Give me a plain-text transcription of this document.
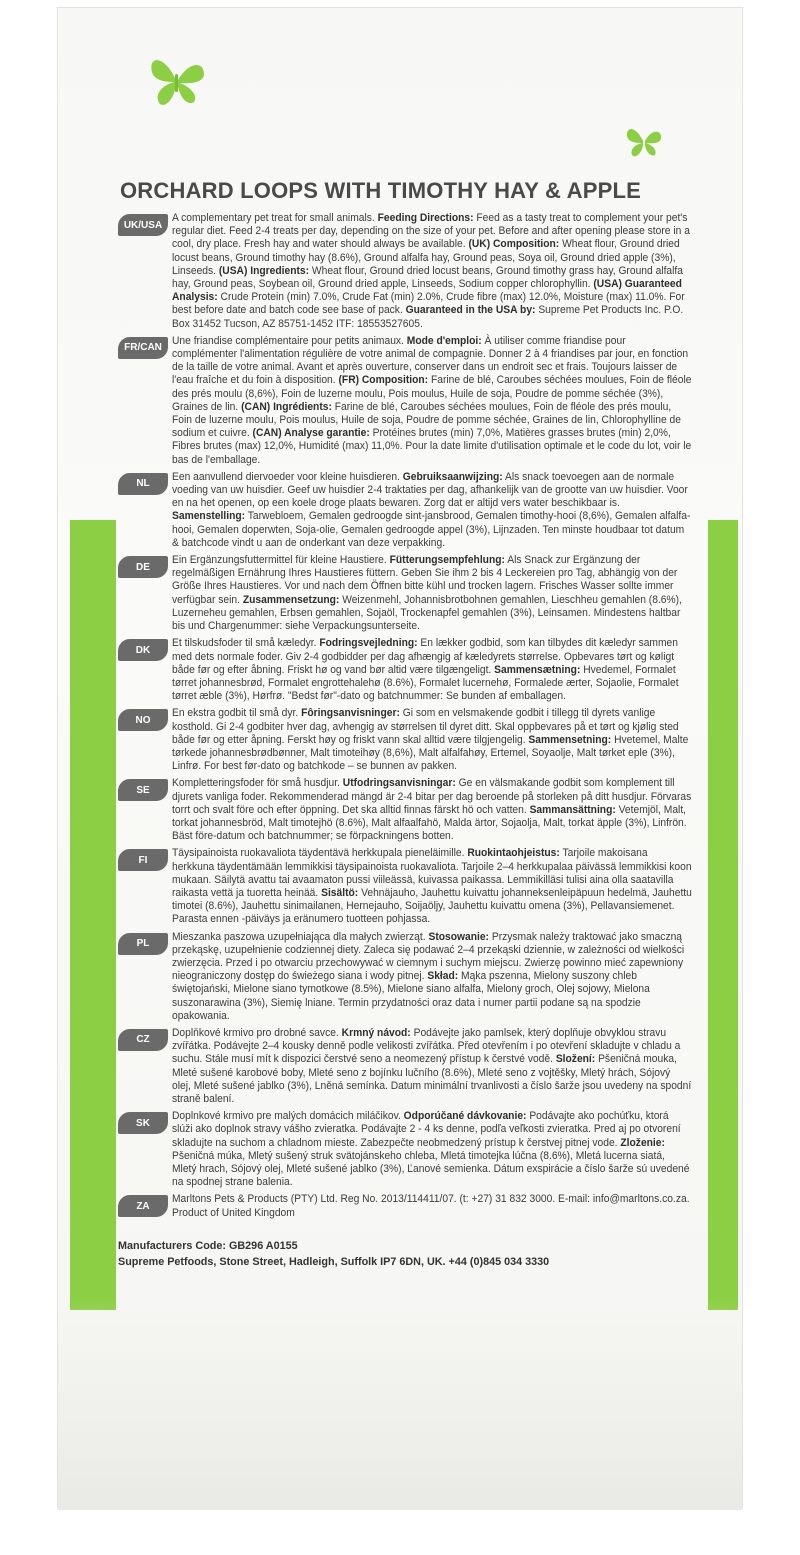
ORCHARD LOOPS WITH TIMOTHY HAY & APPLE
UK/USA

A complementary pet treat for small animals. Feeding Directions: Feed as a tasty treat to complement your pet's regular diet. Feed 2-4 treats per day, depending on the size of your pet. Before and after opening please store in a cool, dry place. Fresh hay and water should always be available. (UK) Composition: Wheat flour, Ground dried locust beans, Ground timothy hay (8.6%), Ground alfalfa hay, Ground peas, Soya oil, Ground dried apple (3%), Linseeds. (USA) Ingredients: Wheat flour, Ground dried locust beans, Ground timothy grass hay, Ground alfalfa hay, Ground peas, Soybean oil, Ground dried apple, Linseeds, Sodium copper chlorophyllin. (USA) Guaranteed Analysis: Crude Protein (min) 7.0%, Crude Fat (min) 2.0%, Crude fibre (max) 12.0%, Moisture (max) 11.0%. For best before date and batch code see base of pack. Guaranteed in the USA by: Supreme Pet Products Inc. P.O. Box 31452 Tucson, AZ 85751-1452 ITF: 18553527605.

FR/CAN

Une friandise complémentaire pour petits animaux. Mode d'emploi: À utiliser comme friandise pour complémenter l'alimentation régulière de votre animal de compagnie. Donner 2 à 4 friandises par jour, en fonction de la taille de votre animal. Avant et après ouverture, conserver dans un endroit sec et frais. Toujours laisser de l'eau fraîche et du foin à disposition. (FR) Composition: Farine de blé, Caroubes séchées moulues, Foin de fléole des prés moulu (8,6%), Foin de luzerne moulu, Pois moulus, Huile de soja, Poudre de pomme séchée (3%), Graines de lin. (CAN) Ingrédients: Farine de blé, Caroubes séchées moulues, Foin de fléole des prés moulu, Foin de luzerne moulu, Pois moulus, Huile de soja, Poudre de pomme séchée, Graines de lin, Chlorophylline de sodium et cuivre. (CAN) Analyse garantie: Protéines brutes (min) 7,0%, Matières grasses brutes (min) 2,0%, Fibres brutes (max) 12,0%, Humidité (max) 11,0%. Pour la date limite d'utilisation optimale et le code du lot, voir le bas de l'emballage.

NL

Een aanvullend diervoeder voor kleine huisdieren. Gebruiksaanwijzing: Als snack toevoegen aan de normale voeding van uw huisdier. Geef uw huisdier 2-4 traktaties per dag, afhankelijk van de grootte van uw huisdier. Voor en na het openen, op een koele droge plaats bewaren. Zorg dat er altijd vers water beschikbaar is. Samenstelling: Tarwebloem, Gemalen gedroogde sint-jansbrood, Gemalen timothy-hooi (8,6%), Gemalen alfalfa-hooi, Gemalen doperwten, Soja-olie, Gemalen gedroogde appel (3%), Lijnzaden. Ten minste houdbaar tot datum & batchcode vindt u aan de onderkant van deze verpakking.

DE

Ein Ergänzungsfuttermittel für kleine Haustiere. Fütterungsempfehlung: Als Snack zur Ergänzung der regelmäßigen Ernährung Ihres Haustieres füttern. Geben Sie ihm 2 bis 4 Leckereien pro Tag, abhängig von der Größe Ihres Haustieres. Vor und nach dem Öffnen bitte kühl und trocken lagern. Frisches Wasser sollte immer verfügbar sein. Zusammensetzung: Weizenmehl, Johannisbrotbohnen gemahlen, Lieschheu gemahlen (8.6%), Luzerneheu gemahlen, Erbsen gemahlen, Sojaöl, Trockenapfel gemahlen (3%), Leinsamen. Mindestens haltbar bis und Chargenummer: siehe Verpackungsunterseite.

DK

Et tilskudsfoder til små kæledyr. Fodringsvejledning: En lækker godbid, som kan tilbydes dit kæledyr sammen med dets normale foder. Giv 2-4 godbidder per dag afhængig af kæledyrets størrelse. Opbevares tørt og køligt både før og efter åbning. Friskt hø og vand bør altid være tilgængeligt. Sammensætning: Hvedemel, Formalet tørret johannesbrød, Formalet engrottehalehø (8.6%), Formalet lucernehø, Formalede ærter, Sojaolie, Formalet tørret æble (3%), Hørfrø. "Bedst før"-dato og batchnummer: Se bunden af emballagen.

NO

En ekstra godbit til små dyr. Fôringsanvisninger: Gi som en velsmakende godbit i tillegg til dyrets vanlige kosthold. Gi 2-4 godbiter hver dag, avhengig av størrelsen til dyret ditt. Skal oppbevares på et tørt og kjølig sted både før og etter åpning. Ferskt høy og friskt vann skal alltid være tilgjengelig. Sammensetning: Hvetemel, Malte tørkede johannesbrødbønner, Malt timoteihøy (8,6%), Malt alfalfahøy, Ertemel, Soyaolje, Malt tørket eple (3%), Linfrø. For best før-dato og batchkode – se bunnen av pakken.

SE

Kompletteringsfoder för små husdjur. Utfodringsanvisningar: Ge en välsmakande godbit som komplement till djurets vanliga foder. Rekommenderad mängd är 2-4 bitar per dag beroende på storleken på ditt husdjur. Förvaras torrt och svalt före och efter öppning. Det ska alltid finnas färskt hö och vatten. Sammansättning: Vetemjöl, Malt, torkat johannesbröd, Malt timotejhö (8.6%), Malt alfaalfahö, Malda ärtor, Sojaolja, Malt, torkat äpple (3%), Linfrön. Bäst före-datum och batchnummer; se förpackningens botten.

FI

Täysipainoista ruokavaliota täydentävä herkkupala pieneläimille. Ruokintaohjeistus: Tarjoile makoisana herkkuna täydentämään lemmikkisi täysipainoista ruokavaliota. Tarjoile 2–4 herkkupalaa päivässä lemmikkisi koon mukaan. Säilytä avattu tai avaamaton pussi viileässä, kuivassa paikassa. Lemmikilläsi tulisi aina olla saatavilla raikasta vettä ja tuoretta heinää. Sisältö: Vehnäjauho, Jauhettu kuivattu johanneksenleipäpuun hedelmä, Jauhettu timotei (8.6%), Jauhettu sinimailanen, Hernejauho, Soijaöljy, Jauhettu kuivattu omena (3%), Pellavansiemenet. Parasta ennen -päiväys ja eränumero tuotteen pohjassa.

PL

Mieszanka paszowa uzupełniająca dla małych zwierząt. Stosowanie: Przysmak należy traktować jako smaczną przekąskę, uzupełnienie codziennej diety. Zaleca się podawać 2–4 przekąski dziennie, w zależności od wielkości zwierzęcia. Przed i po otwarciu przechowywać w ciemnym i suchym miejscu. Zwierzę powinno mieć zapewniony nieograniczony dostęp do świeżego siana i wody pitnej. Skład: Mąka pszenna, Mielony suszony chleb świętojański, Mielone siano tymotkowe (8.5%), Mielone siano alfalfa, Mielony groch, Olej sojowy, Mielona suszonarawina (3%), Siemię lniane. Termin przydatności oraz data i numer partii podane są na spodzie opakowania.

CZ

Doplňkové krmivo pro drobné savce. Krmný návod: Podávejte jako pamlsek, který doplňuje obvyklou stravu zvířátka. Podávejte 2–4 kousky denně podle velikosti zvířátka. Před otevřením i po otevření skladujte v chladu a suchu. Stále musí mít k dispozici čerstvé seno a neomezený přístup k čerstvé vodě. Složení: Pšeničná mouka, Mleté sušené karobové boby, Mleté seno z bojínku lučního (8.6%), Mleté seno z vojtěšky, Mletý hrách, Sójový olej, Mleté sušené jablko (3%), Lněná semínka. Datum minimální trvanlivosti a číslo šarže jsou uvedeny na spodní straně balení.

SK

Doplnkové krmivo pre malých domácich miláčikov. Odporúčané dávkovanie: Podávajte ako pochúťku, ktorá slúži ako doplnok stravy vášho zvieratka. Podávajte 2 - 4 ks denne, podľa veľkosti zvieratka. Pred aj po otvorení skladujte na suchom a chladnom mieste. Zabezpečte neobmedzený prístup k čerstvej pitnej vode. Zloženie: Pšeničná múka, Mletý sušený struk svätojánskeho chleba, Mletá timotejka lúčna (8.6%), Mletá lucerna siatá, Mletý hrach, Sójový olej, Mleté sušené jablko (3%), Ľanové semienka. Dátum exspirácie a číslo šarže sú uvedené na spodnej strane balenia.

ZA

Marltons Pets & Products (PTY) Ltd. Reg No. 2013/114411/07. (t: +27) 31 832 3000. E-mail: info@marltons.co.za. Product of United Kingdom

Manufacturers Code: GB296 A0155
Supreme Petfoods, Stone Street, Hadleigh, Suffolk IP7 6DN, UK. +44 (0)845 034 3330
